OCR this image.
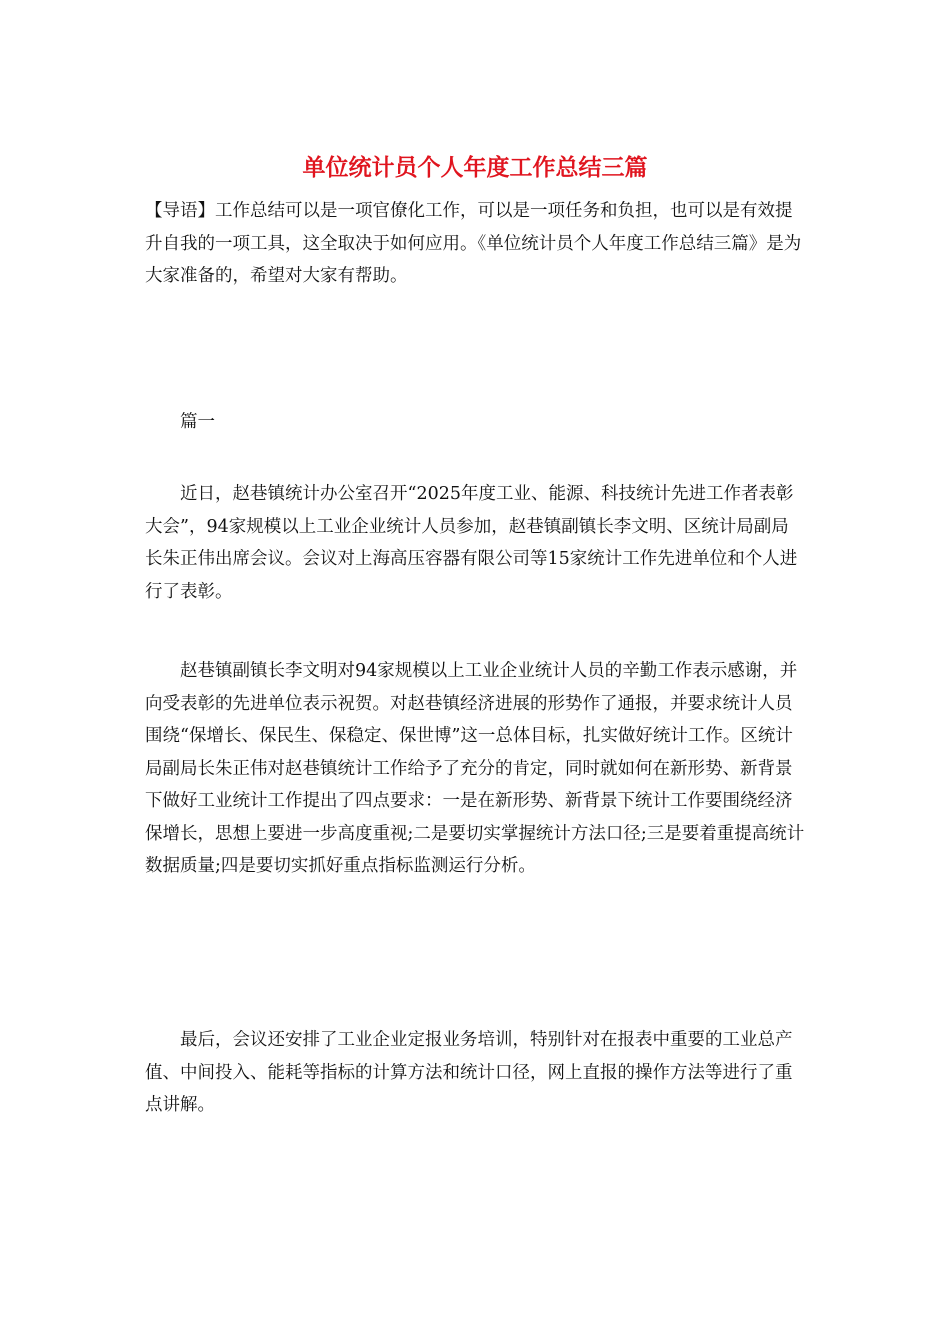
单位统计员个人年度工作总结三篇
【导语】工作总结可以是一项官僚化工作，可以是一项任务和负担，也可以是有效提升自我的一项工具，这全取决于如何应用。《单位统计员个人年度工作总结三篇》是为大家准备的，希望对大家有帮助。

篇一

近日，赵巷镇统计办公室召开“2025年度工业、能源、科技统计先进工作者表彰大会”，94家规模以上工业企业统计人员参加，赵巷镇副镇长李文明、区统计局副局长朱正伟出席会议。会议对上海高压容器有限公司等15家统计工作先进单位和个人进行了表彰。

赵巷镇副镇长李文明对94家规模以上工业企业统计人员的辛勤工作表示感谢，并向受表彰的先进单位表示祝贺。对赵巷镇经济进展的形势作了通报，并要求统计人员围绕“保增长、保民生、保稳定、保世博”这一总体目标，扎实做好统计工作。区统计局副局长朱正伟对赵巷镇统计工作给予了充分的肯定，同时就如何在新形势、新背景下做好工业统计工作提出了四点要求：一是在新形势、新背景下统计工作要围绕经济保增长，思想上要进一步高度重视;二是要切实掌握统计方法口径;三是要着重提高统计数据质量;四是要切实抓好重点指标监测运行分析。

最后，会议还安排了工业企业定报业务培训，特别针对在报表中重要的工业总产值、中间投入、能耗等指标的计算方法和统计口径，网上直报的操作方法等进行了重点讲解。
